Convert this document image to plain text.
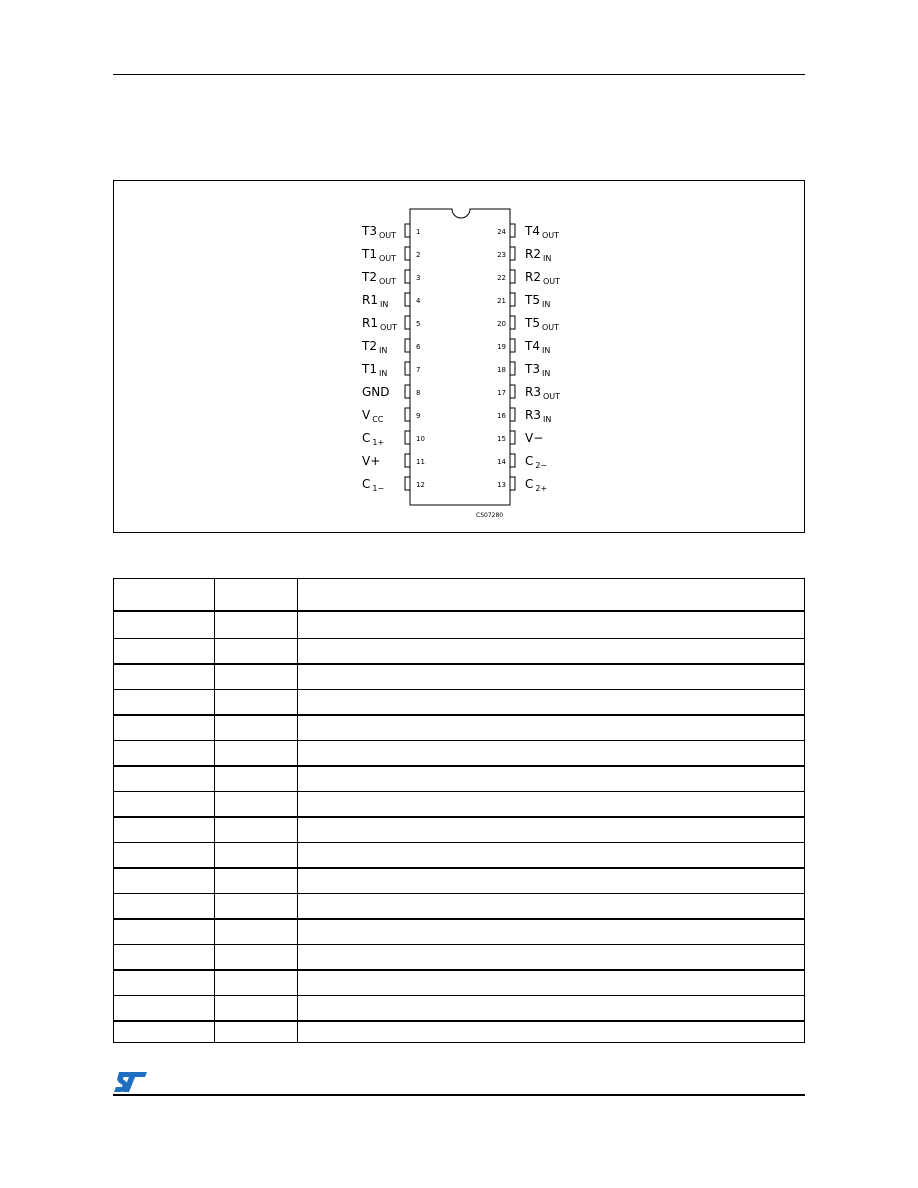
1
T3 $_{OUT}$
2
T1 $_{OUT}$
3
T2 $_{OUT}$
4
R1 $_{IN}$
5
R1 $_{OUT}$
6
T2 $_{IN}$
7
T1 $_{IN}$
8
GND
9
V $_{CC}$
10
C $_{1+}$
11
V+
12
C $_{1-}$
24 T4 $_{OUT}$
23 R2 $_{IN}$
22 R2 $_{OUT}$
21 T5 $_{IN}$
20 T5 $_{OUT}$
19 T4 $_{IN}$
18 T3 $_{IN}$
17 R3 $_{OUT}$
16 R3 $_{IN}$
15 V−
14 C $_{2-}$
13 C $_{2+}$
CS07280
